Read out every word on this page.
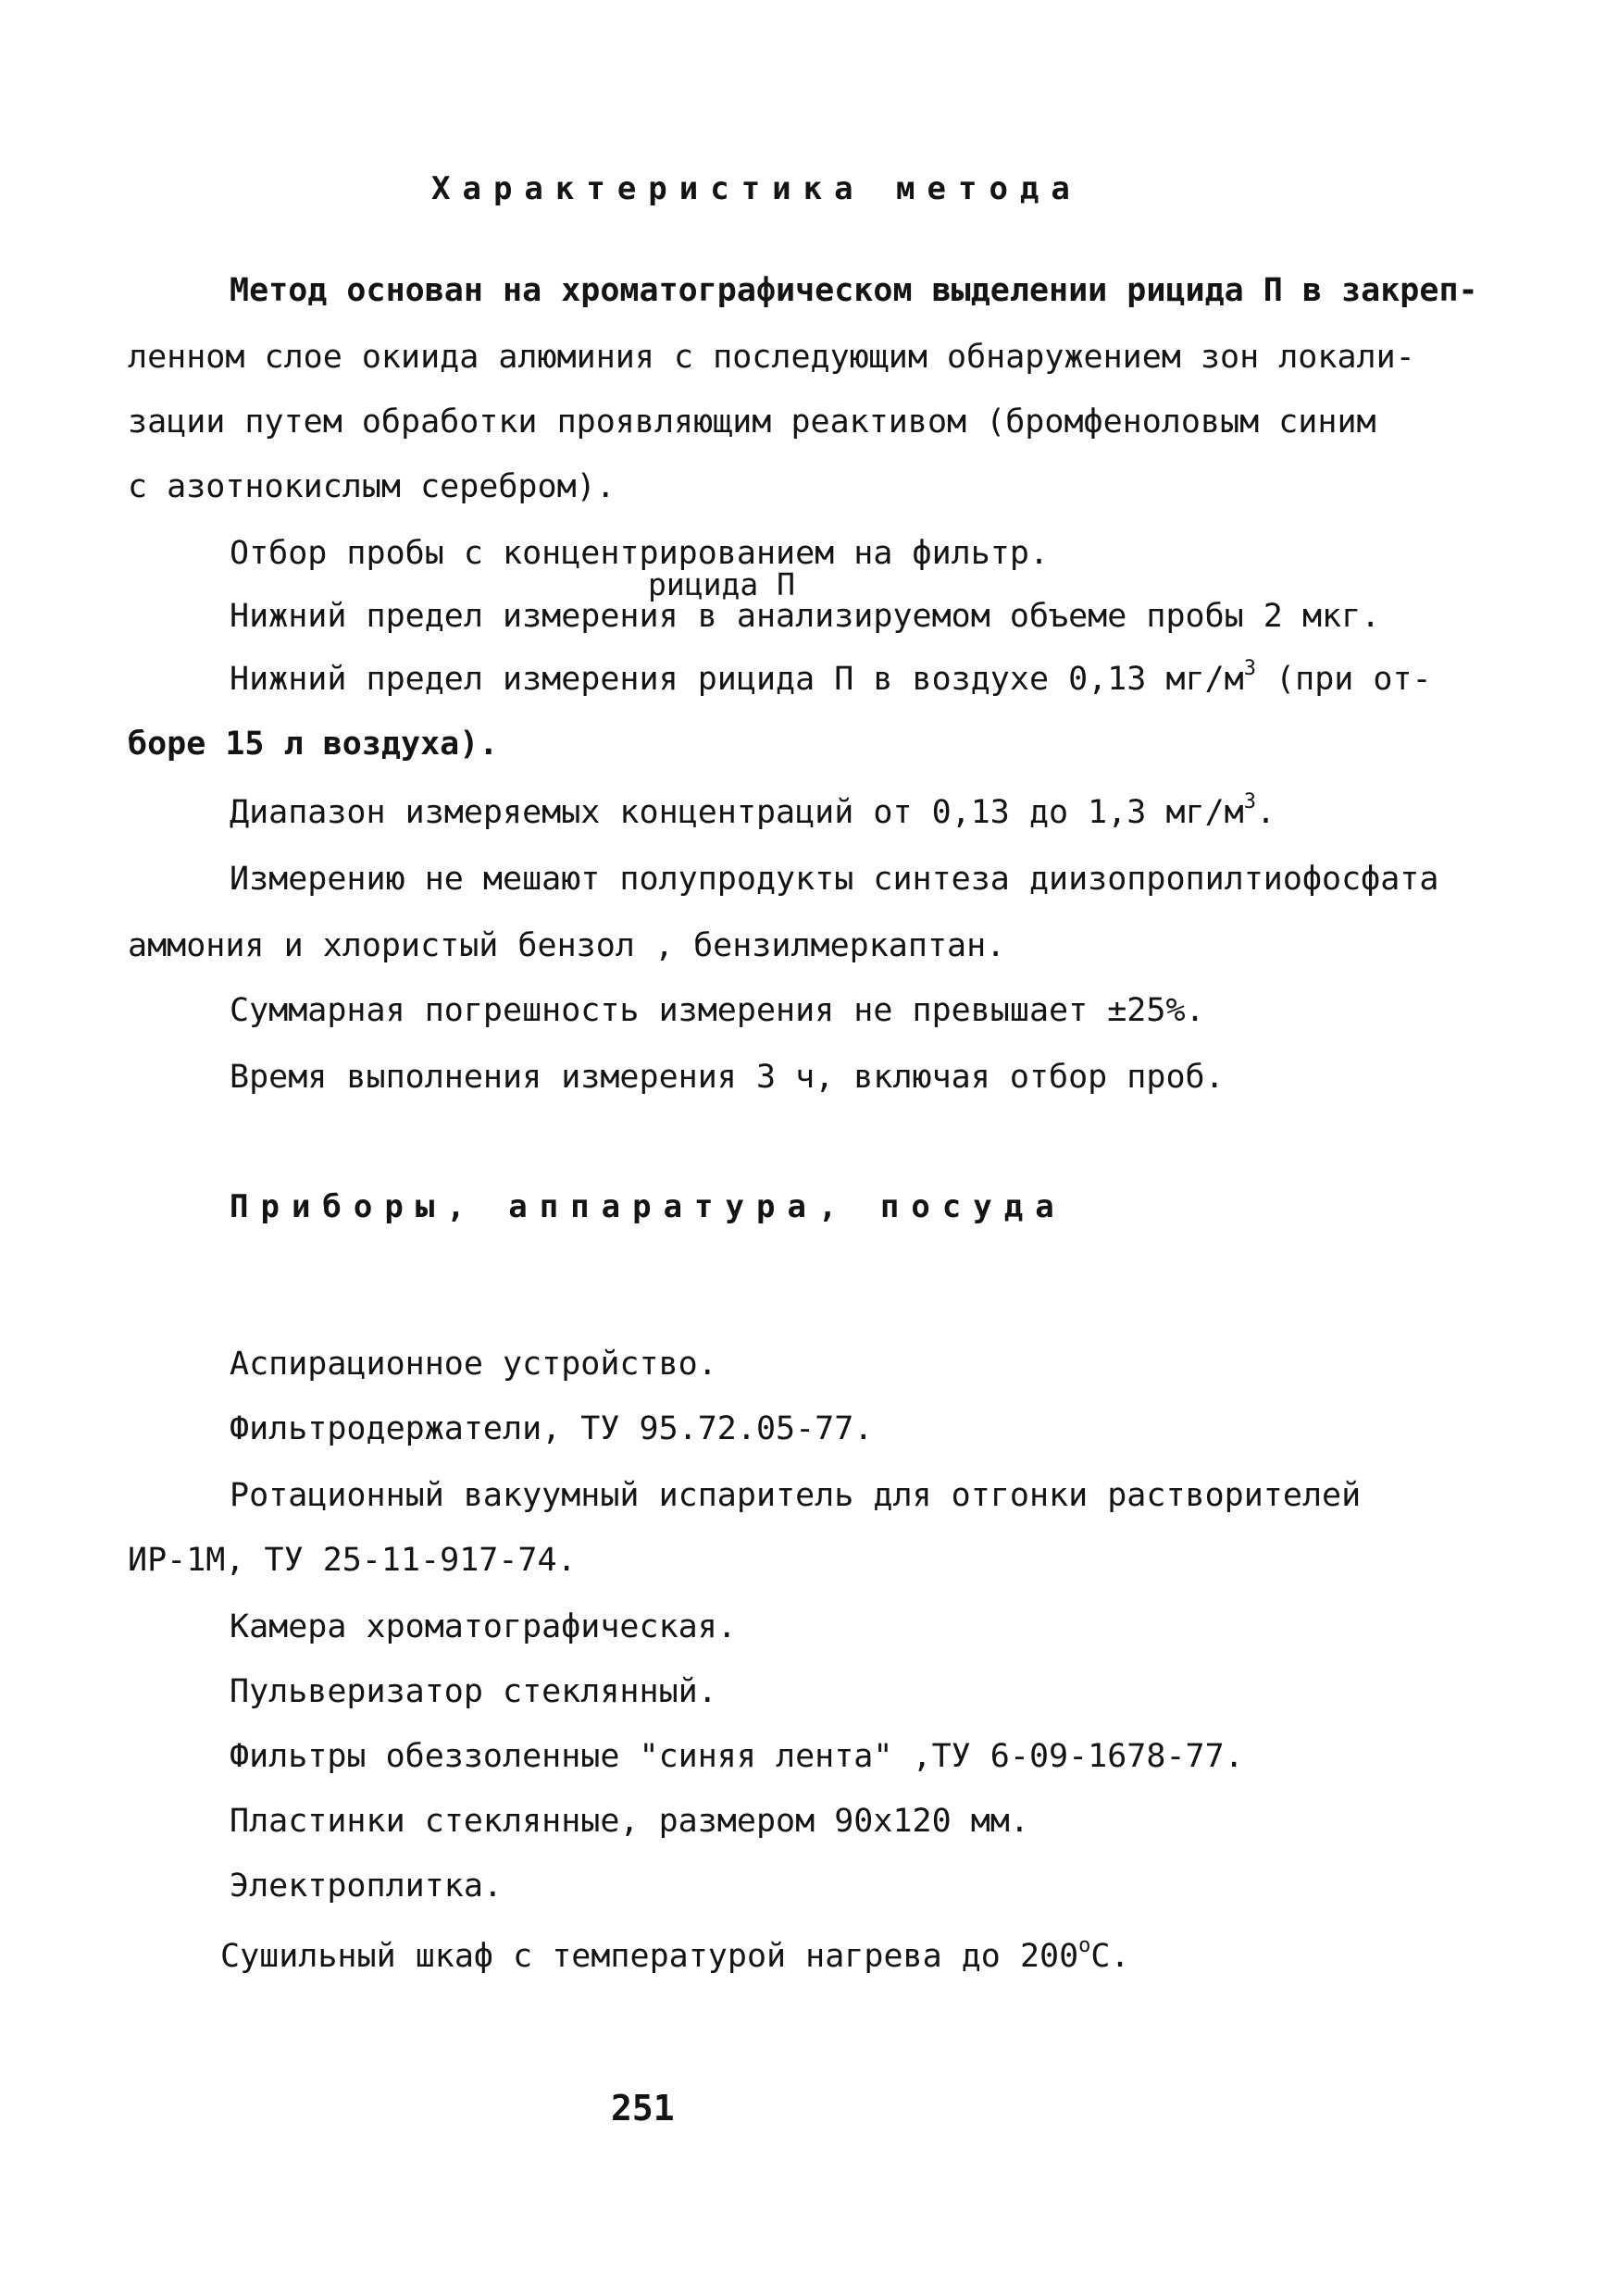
Характеристика метода
Метод основан на хроматографическом выделении рицида П в закреп-
ленном слое окиида алюминия с последующим обнаружением зон локали-
зации путем обработки проявляющим реактивом (бромфеноловым синим
с азотнокислым серебром).
Отбор пробы с концентрированием на фильтр.
рицида П
Нижний предел измерения в анализируемом объеме пробы 2 мкг.
Нижний предел измерения рицида П в воздухе 0,13 $мг/м^3$ (при от-
боре 15 л воздуха).
Диапазон измеряемых концентраций от 0,13 до 1,3 $мг/м^3$.
Измерению не мешают полупродукты синтеза диизопропилтиофосфата
аммония и хлористый бензол , бензилмеркаптан.
Суммарная погрешность измерения не превышает ±25%.
Время выполнения измерения 3 ч, включая отбор проб.
Приборы, аппаратура, посуда
Аспирационное устройство.
Фильтродержатели, ТУ 95.72.05-77.
Ротационный вакуумный испаритель для отгонки растворителей
ИР-1М, ТУ 25-11-917-74.
Камера хроматографическая.
Пульверизатор стеклянный.
Фильтры обеззоленные "синяя лента" ,ТУ 6-09-1678-77.
Пластинки стеклянные, размером 90х120 мм.
Электроплитка.
Сушильный шкаф с температурой нагрева до $200^оС$.
251
